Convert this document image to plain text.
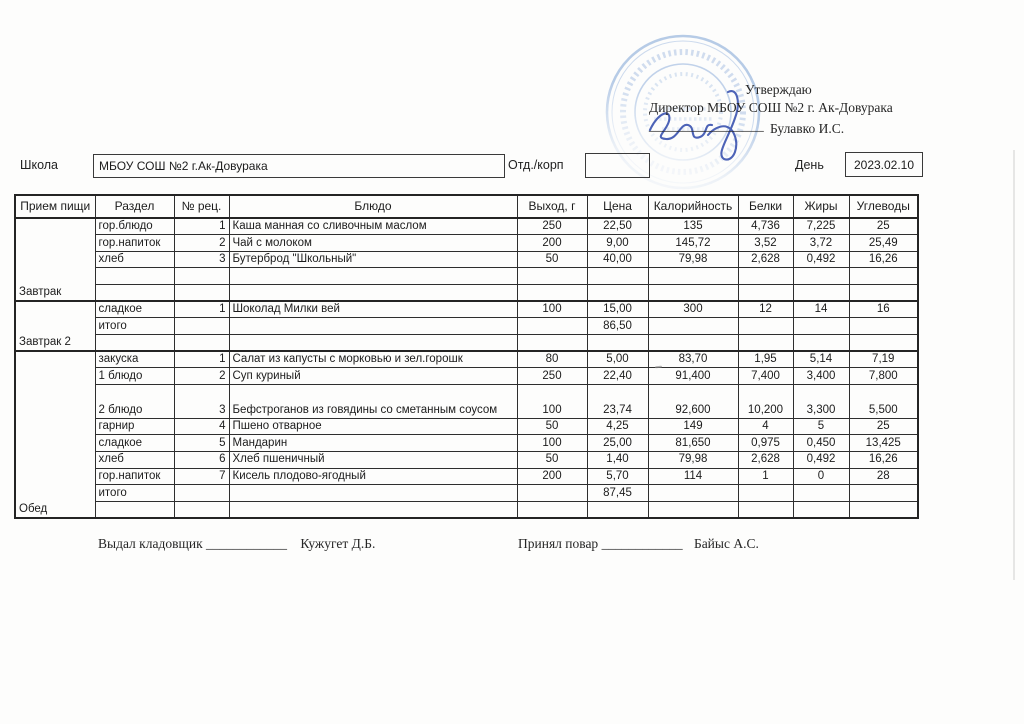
Утверждаю
Директор МБОУ СОШ №2 г. Ак-Довурака
_________________ Булавко И.С.
Школа	МБОУ СОШ №2 г.Ак-Довурака	Отд./корп	День	2023.02.10
Прием пищи	Раздел	№ рец.	Блюдо	Выход, г	Цена	Калорийность	Белки	Жиры	Углеводы
Завтрак	гор.блюдо	1	Каша манная со сливочным маслом	250	22,50	135	4,736	7,225	25
	гор.напиток	2	Чай с молоком	200	9,00	145,72	3,52	3,72	25,49
	хлеб	3	Бутерброд "Школьный"	50	40,00	79,98	2,628	0,492	16,26

Завтрак 2	сладкое	1	Шоколад Милки вей	100	15,00	300	12	14	16
	итого				86,50				

Обед	закуска	1	Салат из капусты с морковью и зел.горошк	80	5,00	83,70	1,95	5,14	7,19
	1 блюдо	2	Суп куриный	250	22,40	91,400	7,400	3,400	7,800
	2 блюдо	3	Бефстроганов из говядины со сметанным соусом	100	23,74	92,600	10,200	3,300	5,500
	гарнир	4	Пшено отварное	50	4,25	149	4	5	25
	сладкое	5	Мандарин	100	25,00	81,650	0,975	0,450	13,425
	хлеб	6	Хлеб пшеничный	50	1,40	79,98	2,628	0,492	16,26
	гор.напиток	7	Кисель плодово-ягодный	200	5,70	114	1	0	28
	итого				87,45				

Выдал кладовщик ____________ Кужугет Д.Б.	Принял повар ____________ Байыс А.С.
